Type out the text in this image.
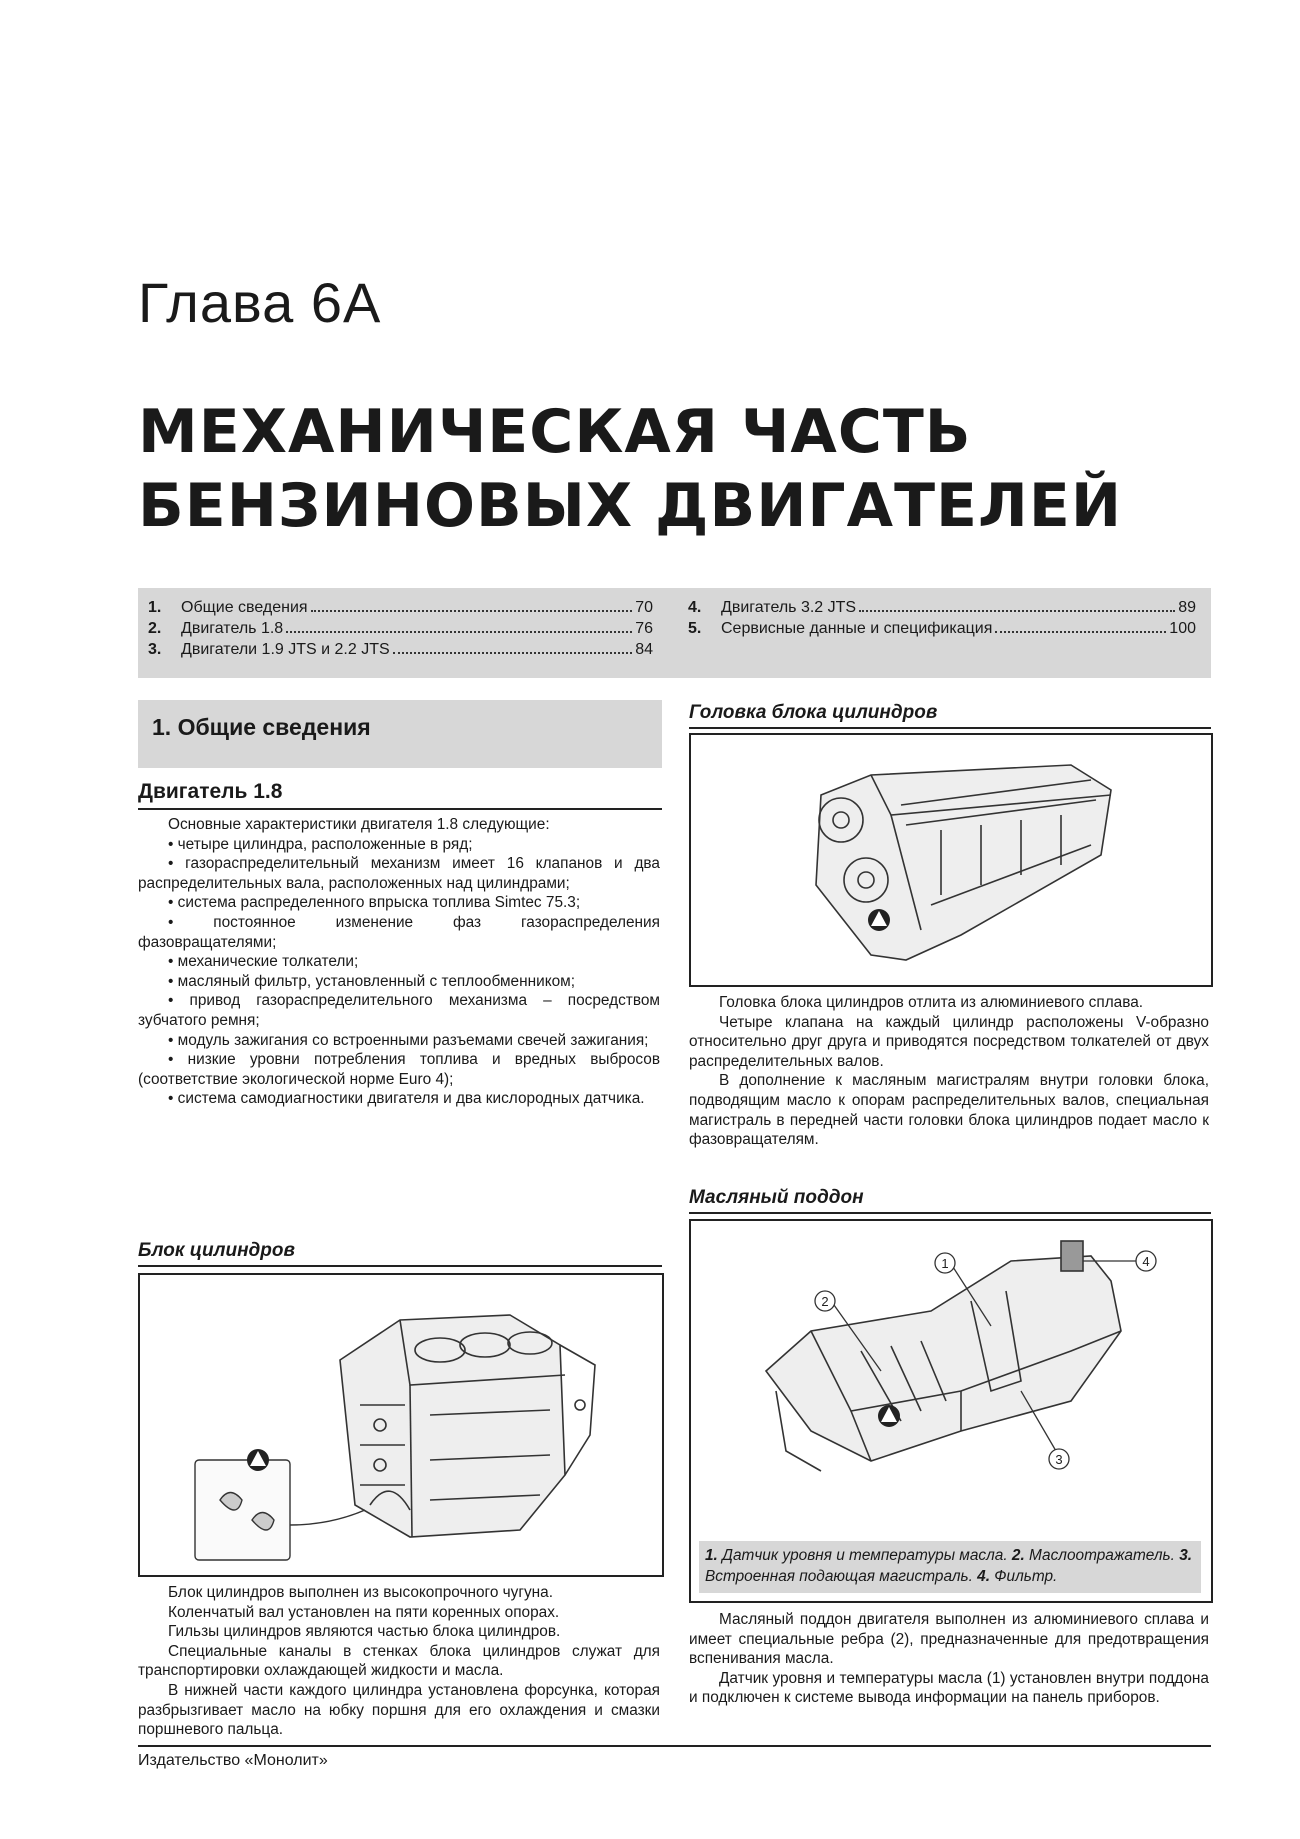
Глава 6А
МЕХАНИЧЕСКАЯ ЧАСТЬ
БЕНЗИНОВЫХ ДВИГАТЕЛЕЙ
1.	Общие сведения	70
2.	Двигатель 1.8	76
3.	Двигатели 1.9 JTS и 2.2 JTS	84
4.	Двигатель 3.2 JTS	89
5.	Сервисные данные и спецификация	100
1. Общие сведения
Двигатель 1.8

Основные характеристики двигателя 1.8 следующие:

• четыре цилиндра, расположенные в ряд;

• газораспределительный механизм имеет 16 клапанов и два распределительных вала, расположенных над цилиндрами;

• система распределенного впрыска топлива Simtec 75.3;

• постоянное изменение фаз газораспределения фазовращателями;

• механические толкатели;

• масляный фильтр, установленный с теплообменником;

• привод газораспределительного механизма – посредством зубчатого ремня;

• модуль зажигания со встроенными разъемами свечей зажигания;

• низкие уровни потребления топлива и вредных выбросов (соответствие экологической норме Euro 4);

• система самодиагностики двигателя и два кислородных датчика.

Блок цилиндров

Блок цилиндров выполнен из высокопрочного чугуна.

Коленчатый вал установлен на пяти коренных опорах.

Гильзы цилиндров являются частью блока цилиндров.

Специальные каналы в стенках блока цилиндров служат для транспортировки охлаждающей жидкости и масла.

В нижней части каждого цилиндра установлена форсунка, которая разбрызгивает масло на юбку поршня для его охлаждения и смазки поршневого пальца.

Головка блока цилиндров

Головка блока цилиндров отлита из алюминиевого сплава.

Четыре клапана на каждый цилиндр расположены V-образно относительно друг друга и приводятся посредством толкателей от двух распределительных валов.

В дополнение к масляным магистралям внутри головки блока, подводящим масло к опорам распределительных валов, специальная магистраль в передней части головки блока цилиндров подает масло к фазовращателям.

Масляный поддон
1
2
3
4
1. Датчик уровня и температуры масла. 2. Маслоотражатель. 3. Встроенная подающая магистраль. 4. Фильтр.

Масляный поддон двигателя выполнен из алюминиевого сплава и имеет специальные ребра (2), предназначенные для предотвращения вспенивания масла.

Датчик уровня и температуры масла (1) установлен внутри поддона и подключен к системе вывода информации на панель приборов.

Издательство «Монолит»
